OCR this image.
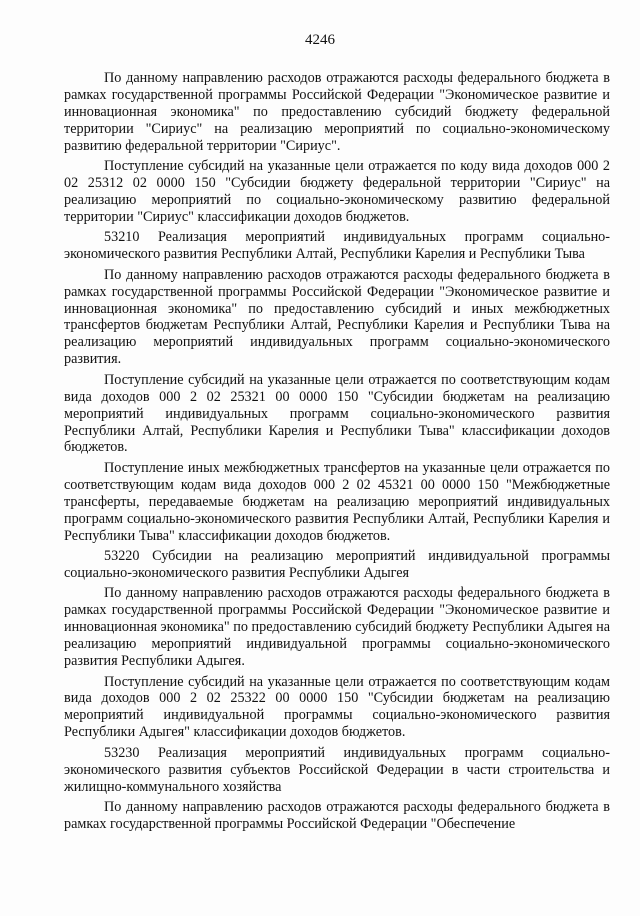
4246

По данному направлению расходов отражаются расходы федерального бюджета в рамках государственной программы Российской Федерации "Экономическое развитие и инновационная экономика" по предоставлению субсидий бюджету федеральной территории "Сириус" на реализацию мероприятий по социально-экономическому развитию федеральной территории "Сириус".

Поступление субсидий на указанные цели отражается по коду вида доходов 000 2 02 25312 02 0000 150 "Субсидии бюджету федеральной территории "Сириус" на реализацию мероприятий по социально-экономическому развитию федеральной территории "Сириус" классификации доходов бюджетов.

53210 Реализация мероприятий индивидуальных программ социально-экономического развития Республики Алтай, Республики Карелия и Республики Тыва

По данному направлению расходов отражаются расходы федерального бюджета в рамках государственной программы Российской Федерации "Экономическое развитие и инновационная экономика" по предоставлению субсидий и иных межбюджетных трансфертов бюджетам Республики Алтай, Республики Карелия и Республики Тыва на реализацию мероприятий индивидуальных программ социально-экономического развития.

Поступление субсидий на указанные цели отражается по соответствующим кодам вида доходов 000 2 02 25321 00 0000 150 "Субсидии бюджетам на реализацию мероприятий индивидуальных программ социально-экономического развития Республики Алтай, Республики Карелия и Республики Тыва" классификации доходов бюджетов.

Поступление иных межбюджетных трансфертов на указанные цели отражается по соответствующим кодам вида доходов 000 2 02 45321 00 0000 150 "Межбюджетные трансферты, передаваемые бюджетам на реализацию мероприятий индивидуальных программ социально-экономического развития Республики Алтай, Республики Карелия и Республики Тыва" классификации доходов бюджетов.

53220 Субсидии на реализацию мероприятий индивидуальной программы социально-экономического развития Республики Адыгея

По данному направлению расходов отражаются расходы федерального бюджета в рамках государственной программы Российской Федерации "Экономическое развитие и инновационная экономика" по предоставлению субсидий бюджету Республики Адыгея на реализацию мероприятий индивидуальной программы социально-экономического развития Республики Адыгея.

Поступление субсидий на указанные цели отражается по соответствующим кодам вида доходов 000 2 02 25322 00 0000 150 "Субсидии бюджетам на реализацию мероприятий индивидуальной программы социально-экономического развития Республики Адыгея" классификации доходов бюджетов.

53230 Реализация мероприятий индивидуальных программ социально-экономического развития субъектов Российской Федерации в части строительства и жилищно-коммунального хозяйства

По данному направлению расходов отражаются расходы федерального бюджета в рамках государственной программы Российской Федерации "Обеспечение
